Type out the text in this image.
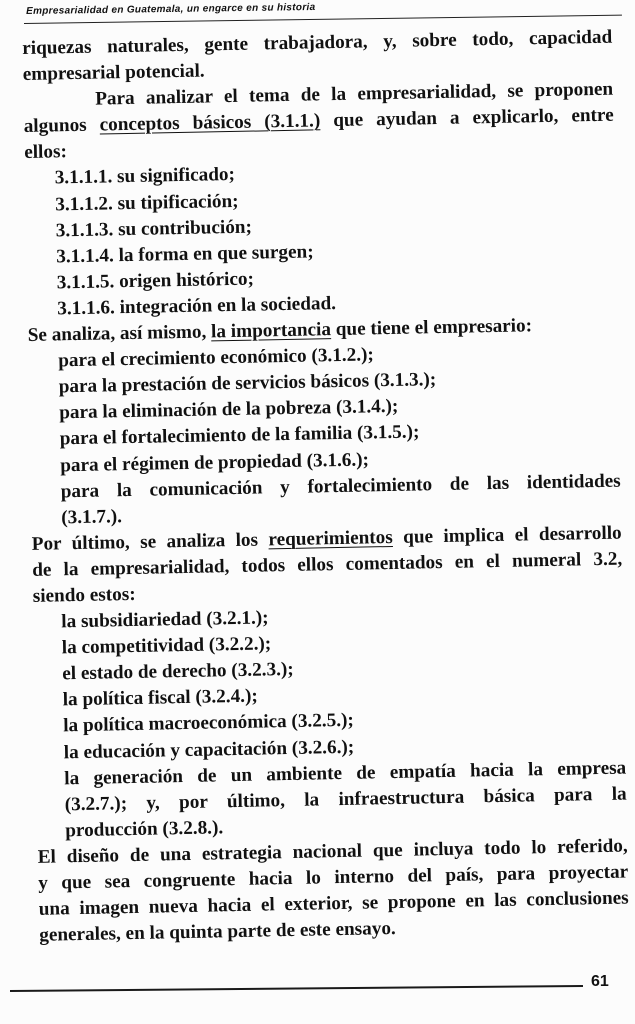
Empresarialidad en Guatemala, un engarce en su historia
riquezas naturales, gente trabajadora, y, sobre todo, capacidad
empresarial potencial.
Para analizar el tema de la empresarialidad, se proponen
algunos conceptos básicos (3.1.1.) que ayudan a explicarlo, entre
ellos:
3.1.1.1. su significado;
3.1.1.2. su tipificación;
3.1.1.3. su contribución;
3.1.1.4. la forma en que surgen;
3.1.1.5. origen histórico;
3.1.1.6. integración en la sociedad.
Se analiza, así mismo, la importancia que tiene el empresario:
para el crecimiento económico (3.1.2.);
para la prestación de servicios básicos (3.1.3.);
para la eliminación de la pobreza (3.1.4.);
para el fortalecimiento de la familia (3.1.5.);
para el régimen de propiedad (3.1.6.);
para la comunicación y fortalecimiento de las identidades
(3.1.7.).
Por último, se analiza los requerimientos que implica el desarrollo
de la empresarialidad, todos ellos comentados en el numeral 3.2,
siendo estos:
la subsidiariedad (3.2.1.);
la competitividad (3.2.2.);
el estado de derecho (3.2.3.);
la política fiscal (3.2.4.);
la política macroeconómica (3.2.5.);
la educación y capacitación (3.2.6.);
la generación de un ambiente de empatía hacia la empresa
(3.2.7.); y, por último, la infraestructura básica para la
producción (3.2.8.).
El diseño de una estrategia nacional que incluya todo lo referido,
y que sea congruente hacia lo interno del país, para proyectar
una imagen nueva hacia el exterior, se propone en las conclusiones
generales, en la quinta parte de este ensayo.
61
